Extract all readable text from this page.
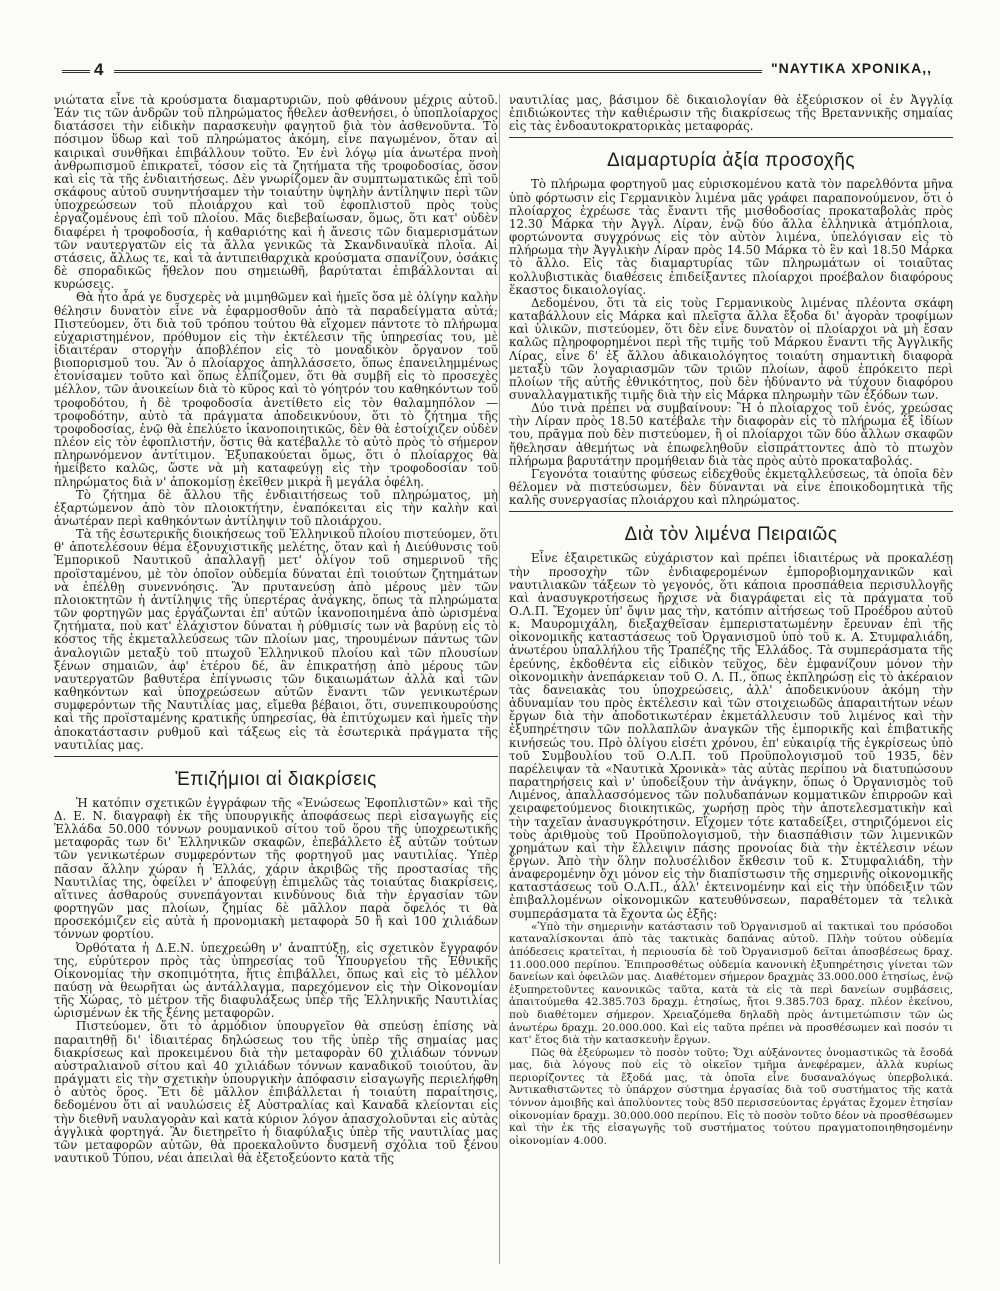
4	"ΝΑΥΤΙΚΑ ΧΡΟΝΙΚΑ,,

νιώτατα εἶνε τὰ κρούσματα διαμαρτυριῶν, ποὺ φθάνουν μέχρις αὐτοῦ. Ἐάν τις τῶν ἀνδρῶν τοῦ πληρώματος ἤθελεν ἀσθενήσει, ὁ ὑποπλοίαρχος διατάσσει τὴν εἰδικὴν παρασκευὴν φαγητοῦ διὰ τὸν ἀσθενοῦντα. Τὸ πόσιμον ὕδωρ καὶ τοῦ πληρώματος ἀκόμη, εἶνε παγωμένον, ὅταν αἱ καιρικαὶ συνθῆκαι ἐπιβάλλουν τοῦτο. Ἐν ἑνὶ λόγῳ μία ἀνωτέρα πνοὴ ἀνθρωπισμοῦ ἐπικρατεῖ, τόσον εἰς τὰ ζητήματα τῆς τροφοδοσίας, ὅσον καὶ εἰς τὰ τῆς ἐνδιαιτήσεως. Δὲν γνωρίζομεν ἂν συμπτωματικῶς ἐπὶ τοῦ σκάφους αὐτοῦ συνηντήσαμεν τὴν τοιαύτην ὑψηλὴν ἀντίληψιν περὶ τῶν ὑποχρεώσεων τοῦ πλοιάρχου καὶ τοῦ ἐφοπλιστοῦ πρὸς τοὺς ἐργαζομένους ἐπὶ τοῦ πλοίου. Μᾶς διεβεβαίωσαν, ὅμως, ὅτι κατ' οὐδὲν διαφέρει ἡ τροφοδοσία, ἡ καθαριότης καὶ ἡ ἄνεσις τῶν διαμερισμάτων τῶν ναυτεργατῶν εἰς τὰ ἄλλα γενικῶς τὰ Σκανδιναυϊκὰ πλοῖα. Αἱ στάσεις, ἄλλως τε, καὶ τὰ ἀντιπειθαρχικὰ κρούσματα σπανίζουν, ὁσάκις δὲ σποραδικῶς ἤθελον που σημειωθῆ, βαρύταται ἐπιβάλλονται αἱ κυρώσεις.

Θὰ ἦτο ἆρά γε δυσχερὲς νὰ μιμηθῶμεν καὶ ἡμεῖς ὅσα μὲ ὀλίγην καλὴν θέλησιν δυνατὸν εἶνε νὰ ἐφαρμοσθοῦν ἀπὸ τὰ παραδείγματα αὐτά; Πιστεύομεν, ὅτι διὰ τοῦ τρόπου τούτου θὰ εἴχομεν πάντοτε τὸ πλήρωμα εὐχαριστημένον, πρόθυμον εἰς τὴν ἐκτέλεσιν τῆς ὑπηρεσίας του, μὲ ἰδιαιτέραν στοργὴν ἀποβλέπον εἰς τὸ μοναδικὸν ὄργανον τοῦ βιοπορισμοῦ του. Ἂν ὁ πλοίαρχος ἀπηλλάσσετο, ὅπως ἐπανειλημμένως ἐτονίσαμεν τοῦτο καὶ ὅπως ἐλπίζομεν, ὅτι θὰ συμβῆ εἰς τὸ προσεχὲς μέλλον, τῶν ἀνοικείων διὰ τὸ κῦρος καὶ τὸ γόητρόν του καθηκόντων τοῦ τροφοδότου, ἡ δὲ τροφοδοσία ἀνετίθετο εἰς τὸν θαλαμηπόλον — τροφοδότην, αὐτὸ τὰ πράγματα ἀποδεικνύουν, ὅτι τὸ ζήτημα τῆς τροφοδοσίας, ἐνῷ θὰ ἐπελύετο ἱκανοποιητικῶς, δὲν θὰ ἐστοίχιζεν οὐδὲν πλέον εἰς τὸν ἐφοπλιστήν, ὅστις θὰ κατέβαλλε τὸ αὐτὸ πρὸς τὸ σήμερον πληρωνόμενον ἀντίτιμον. Ἐξυπακούεται ὅμως, ὅτι ὁ πλοίαρχος θὰ ἠμείβετο καλῶς, ὥστε νὰ μὴ καταφεύγῃ εἰς τὴν τροφοδοσίαν τοῦ πληρώματος διὰ ν' ἀποκομίσῃ ἐκεῖθεν μικρὰ ἢ μεγάλα ὀφέλη.

Τὸ ζήτημα δὲ ἄλλου τῆς ἐνδιαιτήσεως τοῦ πληρώματος, μὴ ἐξαρτώμενον ἀπὸ τὸν πλοιοκτήτην, ἐναπόκειται εἰς τὴν καλὴν καὶ ἀνωτέραν περὶ καθηκόντων ἀντίληψιν τοῦ πλοιάρχου.

Τὰ τῆς ἐσωτερικῆς διοικήσεως τοῦ Ἑλληνικοῦ πλοίου πιστεύομεν, ὅτι θ' ἀποτελέσουν θέμα ἐξονυχιστικῆς μελέτης, ὅταν καὶ ἡ Διεύθυνσις τοῦ Ἐμπορικοῦ Ναυτικοῦ ἀπαλλαγῇ μετ' ὀλίγον τοῦ σημερινοῦ τῆς προϊσταμένου, μὲ τὸν ὁποῖον οὐδεμία δύναται ἐπὶ τοιούτων ζητημάτων νὰ ἐπέλθῃ συνεννόησις. Ἂν πρυτανεύσῃ ἀπὸ μέρους μὲν τῶν πλοιοκτητῶν ἡ ἀντίληψις τῆς ὑπερτέρας ἀνάγκης, ὅπως τὰ πληρώματα τῶν φορτηγῶν μας ἐργάζωνται ἐπ' αὐτῶν ἱκανοποιημένα ἀπὸ ὡρισμένα ζητήματα, ποὺ κατ' ἐλάχιστον δύναται ἡ ρύθμισίς των νὰ βαρύνῃ εἰς τὸ κόστος τῆς ἐκμεταλλεύσεως τῶν πλοίων μας, τηρουμένων πάντως τῶν ἀναλογιῶν μεταξὺ τοῦ πτωχοῦ Ἑλληνικοῦ πλοίου καὶ τῶν πλουσίων ξένων σημαιῶν, ἀφ' ἑτέρου δέ, ἂν ἐπικρατήσῃ ἀπὸ μέρους τῶν ναυτεργατῶν βαθυτέρα ἐπίγνωσις τῶν δικαιωμάτων ἀλλὰ καὶ τῶν καθηκόντων καὶ ὑποχρεώσεων αὐτῶν ἔναντι τῶν γενικωτέρων συμφερόντων τῆς Ναυτιλίας μας, εἴμεθα βέβαιοι, ὅτι, συνεπικουρούσης καὶ τῆς προϊσταμένης κρατικῆς ὑπηρεσίας, θὰ ἐπιτύχωμεν καὶ ἡμεῖς τὴν ἀποκατάστασιν ρυθμοῦ καὶ τάξεως εἰς τὰ ἐσωτερικὰ πράγματα τῆς ναυτιλίας μας.

Ἐπιζήμιοι αἱ διακρίσεις

Ἡ κατόπιν σχετικῶν ἐγγράφων τῆς «Ἑνώσεως Ἐφοπλιστῶν» καὶ τῆς Δ. Ε. Ν. διαγραφὴ ἐκ τῆς ὑπουργικῆς ἀποφάσεως περὶ εἰσαγωγῆς εἰς Ἑλλάδα 50.000 τόννων ρουμανικοῦ σίτου τοῦ ὅρου τῆς ὑποχρεωτικῆς μεταφορᾶς των δι' Ἑλληνικῶν σκαφῶν, ἐπεβάλλετο ἐξ αὐτῶν τούτων τῶν γενικωτέρων συμφερόντων τῆς φορτηγοῦ μας ναυτιλίας. Ὑπὲρ πᾶσαν ἄλλην χώραν ἡ Ἑλλάς, χάριν ἀκριβῶς τῆς προστασίας τῆς Ναυτιλίας της, ὀφείλει ν' ἀποφεύγῃ ἐπιμελῶς τὰς τοιαύτας διακρίσεις, αἵτινες ἀσθαρούς συνεπάγονται κινδύνους διὰ τὴν ἐργασίαν τῶν φορτηγῶν μας πλοίων, ζημίας δὲ μᾶλλον παρὰ ὄφελός τι θὰ προσεκόμιζεν εἰς αὐτὰ ἡ προνομιακὴ μεταφορὰ 50 ἢ καὶ 100 χιλιάδων τόννων φορτίου.

Ὀρθότατα ἡ Δ.Ε.Ν. ὑπεχρεώθη ν' ἀναπτύξῃ, εἰς σχετικὸν ἔγγραφόν της, εὐρύτερον πρὸς τὰς ὑπηρεσίας τοῦ Ὑπουργείου τῆς Ἐθνικῆς Οἰκονομίας τὴν σκοπιμότητα, ἥτις ἐπιβάλλει, ὅπως καὶ εἰς τὸ μέλλον παύσῃ νὰ θεωρῆται ὡς ἀντάλλαγμα, παρεχόμενον εἰς τὴν Οἰκονομίαν τῆς Χώρας, τὸ μέτρον τῆς διαφυλάξεως ὑπὲρ τῆς Ἑλληνικῆς Ναυτιλίας ὡρισμένων ἐκ τῆς ξένης μεταφορῶν.

Πιστεύομεν, ὅτι τὸ ἁρμόδιον ὑπουργεῖον θὰ σπεύσῃ ἐπίσης νὰ παραιτηθῇ δι' ἰδιαιτέρας δηλώσεως του τῆς ὑπὲρ τῆς σημαίας μας διακρίσεως καὶ προκειμένου διὰ τὴν μεταφορὰν 60 χιλιάδων τόννων αὐστραλιανοῦ σίτου καὶ 40 χιλιάδων τόννων καναδικοῦ τοιούτου, ἂν πράγματι εἰς τὴν σχετικὴν ὑπουργικὴν ἀπόφασιν εἰσαγωγῆς περιελήφθη ὁ αὐτὸς ὅρος. Ἔτι δὲ μᾶλλον ἐπιβάλλεται ἡ τοιαύτη παραίτησις, δεδομένου ὅτι αἱ ναυλώσεις ἐξ Αὐστραλίας καὶ Καναδᾶ κλείονται εἰς τὴν διεθνῆ ναυλαγορὰν καὶ κατὰ κύριον λόγον ἀπασχολοῦνται εἰς αὐτὰς ἀγγλικὰ φορτηγά. Ἂν διετηρεῖτο ἡ διαφύλαξις ὑπὲρ τῆς ναυτιλίας μας τῶν μεταφορῶν αὐτῶν, θὰ προεκαλοῦντο δυσμενῆ σχόλια τοῦ ξένου ναυτικοῦ Τύπου, νέαι ἀπειλαὶ θὰ ἐξετοξεύοντο κατὰ τῆς

ναυτιλίας μας, βάσιμον δὲ δικαιολογίαν θὰ ἐξεύρισκον οἱ ἐν Ἀγγλίᾳ ἐπιδιώκοντες τὴν καθιέρωσιν τῆς διακρίσεως τῆς Βρεταννικῆς σημαίας εἰς τὰς ἐνδοαυτοκρατορικὰς μεταφοράς.

Διαμαρτυρία ἀξία προσοχῆς

Τὸ πλήρωμα φορτηγοῦ μας εὑρισκομένου κατὰ τὸν παρελθόντα μῆνα ὑπὸ φόρτωσιν εἰς Γερμανικὸν λιμένα μᾶς γράφει παραπονούμενον, ὅτι ὁ πλοίαρχος ἐχρέωσε τὰς ἔναντι τῆς μισθοδοσίας προκαταβολὰς πρὸς 12.30 Μάρκα τὴν Ἀγγλ. Λίραν, ἐνῷ δύο ἄλλα ἑλληνικὰ ἀτμόπλοια, φορτώνοντα συγχρόνως εἰς τὸν αὐτὸν λιμένα, ὑπελόγισαν εἰς τὸ πλήρωμα τὴν Ἀγγλικὴν Λίραν πρὸς 14.50 Μάρκα τὸ ἓν καὶ 18.50 Μάρκα τὸ ἄλλο. Εἰς τὰς διαμαρτυρίας τῶν πληρωμάτων οἱ τοιαῦτας κολλυβιστικὰς διαθέσεις ἐπιδείξαντες πλοίαρχοι προέβαλον διαφόρους ἕκαστος δικαιολογίας.

Δεδομένου, ὅτι τὰ εἰς τοὺς Γερμανικοὺς λιμένας πλέοντα σκάφη καταβάλλουν εἰς Μάρκα καὶ πλεῖστα ἄλλα ἔξοδα δι' ἀγορὰν τροφίμων καὶ ὑλικῶν, πιστεύομεν, ὅτι δὲν εἶνε δυνατὸν οἱ πλοίαρχοι νὰ μὴ ἔσαν καλῶς πληροφορημένοι περὶ τῆς τιμῆς τοῦ Μάρκου ἔναντι τῆς Ἀγγλικῆς Λίρας, εἶνε δ' ἐξ ἄλλου ἀδικαιολόγητος τοιαύτη σημαντικὴ διαφορὰ μεταξὺ τῶν λογαριασμῶν τῶν τριῶν πλοίων, ἀφοῦ ἐπρόκειτο περὶ πλοίων τῆς αὐτῆς ἐθνικότητος, ποὺ δὲν ἠδύναντο νὰ τύχουν διαφόρου συναλλαγματικῆς τιμῆς διὰ τὴν εἰς Μάρκα πληρωμὴν τῶν ἐξόδων των.

Δύο τινὰ πρέπει νὰ συμβαίνουν: Ἢ ὁ πλοίαρχος τοῦ ἑνός, χρεώσας τὴν Λίραν πρὸς 18.50 κατέβαλε τὴν διαφορὰν εἰς τὸ πλήρωμα ἐξ ἰδίων του, πρᾶγμα ποὺ δὲν πιστεύομεν, ἢ οἱ πλοίαρχοι τῶν δύο ἄλλων σκαφῶν ἤθελησαν ἀθεμήτως νὰ ἐπωφεληθοῦν εἰσπράττοντες ἀπὸ τὸ πτωχὸν πλήρωμα βαρυτάτην προμήθειαν διὰ τὰς πρὸς αὐτὸ προκαταβολάς.

Γεγονότα τοιαύτης φύσεως εἰδεχθοῦς ἐκμεταλλεύσεως, τὰ ὁποῖα δὲν θέλομεν νὰ πιστεύσωμεν, δὲν δύνανται νὰ εἶνε ἐποικοδομητικὰ τῆς καλῆς συνεργασίας πλοιάρχου καὶ πληρώματος.

Διὰ τὸν λιμένα Πειραιῶς

Εἶνε ἐξαιρετικῶς εὐχάριστον καὶ πρέπει ἰδιαιτέρως νὰ προκαλέσῃ τὴν προσοχὴν τῶν ἐνδιαφερομένων ἐμποροβιομηχανικῶν καὶ ναυτιλιακῶν τάξεων τὸ γεγονός, ὅτι κάποια προσπάθεια περισυλλογῆς καὶ ἀνασυγκροτήσεως ἤρχισε νὰ διαγράφεται εἰς τὰ πράγματα τοῦ Ο.Λ.Π. Ἔχομεν ὑπ' ὄψιν μας τὴν, κατόπιν αἰτήσεως τοῦ Προέδρου αὐτοῦ κ. Μαυρομιχάλη, διεξαχθεῖσαν ἐμπεριστατωμένην ἔρευναν ἐπὶ τῆς οἰκονομικῆς καταστάσεως τοῦ Ὀργανισμοῦ ὑπὸ τοῦ κ. Α. Στυμφαλιάδη, ἀνωτέρου ὑπαλλήλου τῆς Τραπέζης τῆς Ἑλλάδος. Τὰ συμπεράσματα τῆς ἐρεύνης, ἐκδοθέντα εἰς εἰδικὸν τεῦχος, δὲν ἐμφανίζουν μόνον τὴν οἰκονομικὴν ἀνεπάρκειαν τοῦ Ο. Λ. Π., ὅπως ἐκπληρώσῃ εἰς τὸ ἀκέραιον τὰς δανειακὰς του ὑποχρεώσεις, ἀλλ' ἀποδεικνύουν ἀκόμη τὴν ἀδυναμίαν του πρὸς ἐκτέλεσιν καὶ τῶν στοιχειωδῶς ἀπαραιτήτων νέων ἔργων διὰ τὴν ἀποδοτικωτέραν ἐκμετάλλευσιν τοῦ λιμένος καὶ τὴν ἐξυπηρέτησιν τῶν πολλαπλῶν ἀναγκῶν τῆς ἐμπορικῆς καὶ ἐπιβατικῆς κινήσεώς του. Πρὸ ὀλίγου εἰσέτι χρόνου, ἐπ' εὐκαιρίᾳ τῆς ἐγκρίσεως ὑπὸ τοῦ Συμβουλίου τοῦ Ο.Λ.Π. τοῦ Προϋπολογισμοῦ τοῦ 1935, δὲν παρέλειψαν τὰ «Ναυτικὰ Χρονικὰ» τὰς αὐτὰς περίπου νὰ διατυπώσουν παρατηρήσεις καὶ ν' ὑποδείξουν τὴν ἀνάγκην, ὅπως ὁ Ὀργανισμὸς τοῦ Λιμένος, ἀπαλλασσόμενος τῶν πολυδαπάνων κομματικῶν ἐπιρροῶν καὶ χειραφετούμενος διοικητικῶς, χωρήσῃ πρὸς τὴν ἀποτελεσματικὴν καὶ τὴν ταχεῖαν ἀνασυγκρότησιν. Εἴχομεν τότε καταδείξει, στηριζόμενοι εἰς τοὺς ἀριθμοὺς τοῦ Προϋπολογισμοῦ, τὴν διασπάθισιν τῶν λιμενικῶν χρημάτων καὶ τὴν ἔλλειψιν πάσης προνοίας διὰ τὴν ἐκτέλεσιν νέων ἔργων. Ἀπὸ τὴν ὅλην πολυσέλιδον ἔκθεσιν τοῦ κ. Στυμφαλιάδη, τὴν ἀναφερομένην ὄχι μόνον εἰς τὴν διαπίστωσιν τῆς σημερινῆς οἰκονομικῆς καταστάσεως τοῦ Ο.Λ.Π., ἀλλ' ἐκτεινομένην καὶ εἰς τὴν ὑπόδειξιν τῶν ἐπιβαλλομένων οἰκονομικῶν κατευθύνσεων, παραθέτομεν τὰ τελικὰ συμπεράσματα τὰ ἔχοντα ὡς ἑξῆς:

«Ὑπὸ τὴν σημερινὴν κατάστασιν τοῦ Ὀργανισμοῦ αἱ τακτικαὶ του πρόσοδοι καταναλίσκονται ἀπὸ τὰς τακτικὰς δαπάνας αὐτοῦ. Πλὴν τούτου οὐδεμία ἀπόδεσεις κρατεῖται, ἡ περιουσία δὲ τοῦ Ὀργανισμοῦ δεῖται ἀποσβέσεως δραχ. 11.000.000 περίπου. Ἐπιπροσθέτως οὐδεμία κανονικὴ ἐξυπηρέτησις γίνεται τῶν δανείων καὶ ὀφειλῶν μας. Διαθέτομεν σήμερον δραχμὰς 33.000.000 ἐτησίως, ἐνῷ ἐξυπηρετοῦντες κανονικῶς ταῦτα, κατὰ τὰ εἰς τὰ περὶ δανείων συμβάσεις, ἀπαιτούμεθα 42.385.703 δραχμ. ἐτησίως, ἤτοι 9.385.703 δραχ. πλέον ἐκείνου, ποὺ διαθέτομεν σήμερον. Χρειαζόμεθα δηλαδὴ πρὸς ἀντιμετώπισιν τῶν ὡς ἀνωτέρω δραχμ. 20.000.000. Καὶ εἰς ταῦτα πρέπει νὰ προσθέσωμεν καὶ ποσόν τι κατ' ἔτος διὰ τὴν κατασκευὴν ἔργων.

Πῶς θὰ ἐξεύρωμεν τὸ ποσὸν τοῦτο; Ὄχι αὐξάνοντες ὀνομαστικῶς τὰ ἔσοδά μας, διὰ λόγους ποὺ εἰς τὸ οἰκεῖον τμῆμα ἀνεφέραμεν, ἀλλὰ κυρίως περιορίζοντες τὰ ἔξοδά μας, τὰ ὁποῖα εἶνε δυσαναλόγως ὑπερβολικά. Ἀντικαθιστῶντες τὸ ὑπάρχον σύστημα ἐργασίας διὰ τοῦ συστήματος τῆς κατὰ τόννον ἀμοιβῆς καὶ ἀπολύοντες τοὺς 850 περισσεύοντας ἐργάτας ἔχομεν ἐτησίαν οἰκονομίαν δραχμ. 30.000.000 περίπου. Εἰς τὸ ποσὸν τοῦτο δέον νὰ προσθέσωμεν καὶ τὴν ἐκ τῆς εἰσαγωγῆς τοῦ συστήματος τούτου πραγματοποιηθησομένην οἰκονομίαν 4.000.
